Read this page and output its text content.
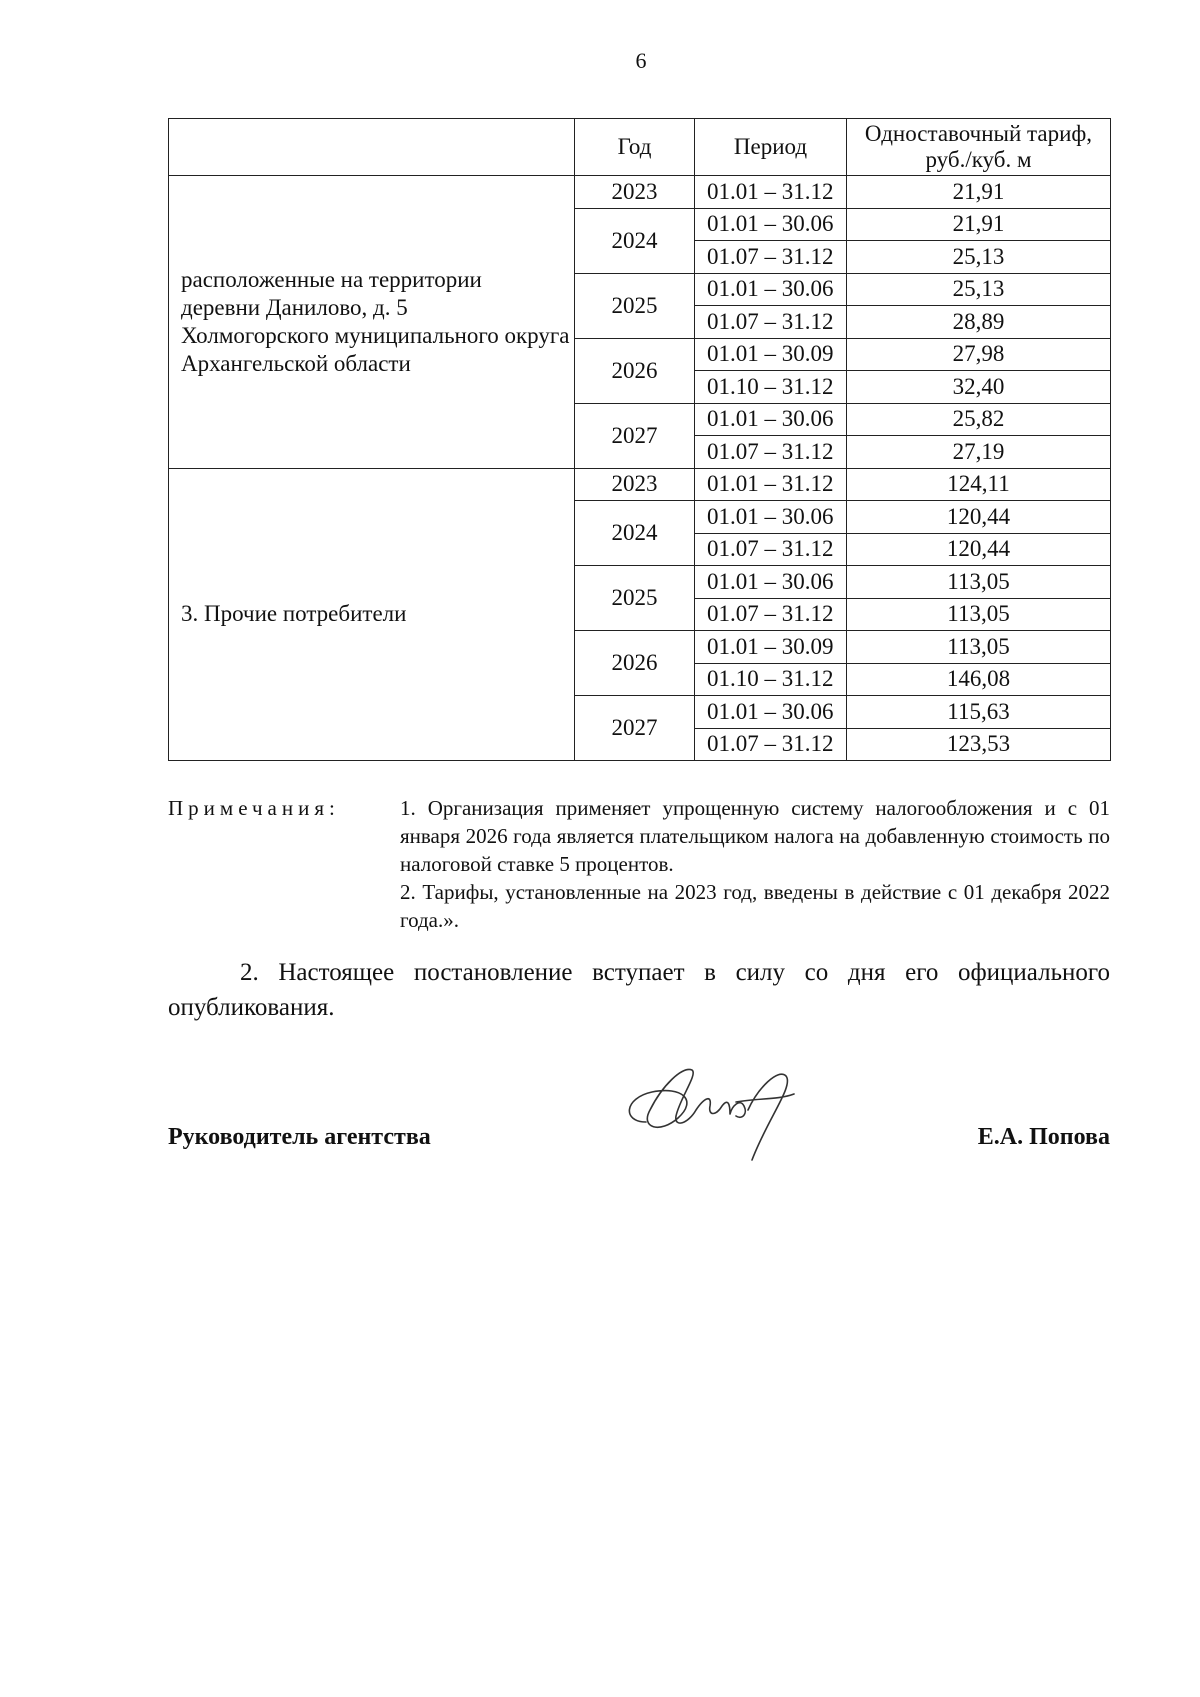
6
	Год	Период	Одноставочный тариф, руб./куб. м

расположенные на территории
деревни Данилово, д. 5
Холмогорского муниципального округа
Архангельской области	2023	01.01 – 31.12	21,91
	2024	01.01 – 30.06	21,91
		01.07 – 31.12	25,13
	2025	01.01 – 30.06	25,13
		01.07 – 31.12	28,89
	2026	01.01 – 30.09	27,98
		01.10 – 31.12	32,40
	2027	01.01 – 30.06	25,82
		01.07 – 31.12	27,19

3. Прочие потребители	2023	01.01 – 31.12	124,11
	2024	01.01 – 30.06	120,44
		01.07 – 31.12	120,44
	2025	01.01 – 30.06	113,05
		01.07 – 31.12	113,05
	2026	01.01 – 30.09	113,05
		01.10 – 31.12	146,08
	2027	01.01 – 30.06	115,63
		01.07 – 31.12	123,53
Примечания:	1. Организация применяет упрощенную систему налогообложения и с 01 января 2026 года является плательщиком налога на добавленную стоимость по налоговой ставке 5 процентов.
2. Тарифы, установленные на 2023 год, введены в действие с 01 декабря 2022 года.».
2. Настоящее постановление вступает в силу со дня его официального опубликования.
Руководитель агентства	Е.А. Попова
